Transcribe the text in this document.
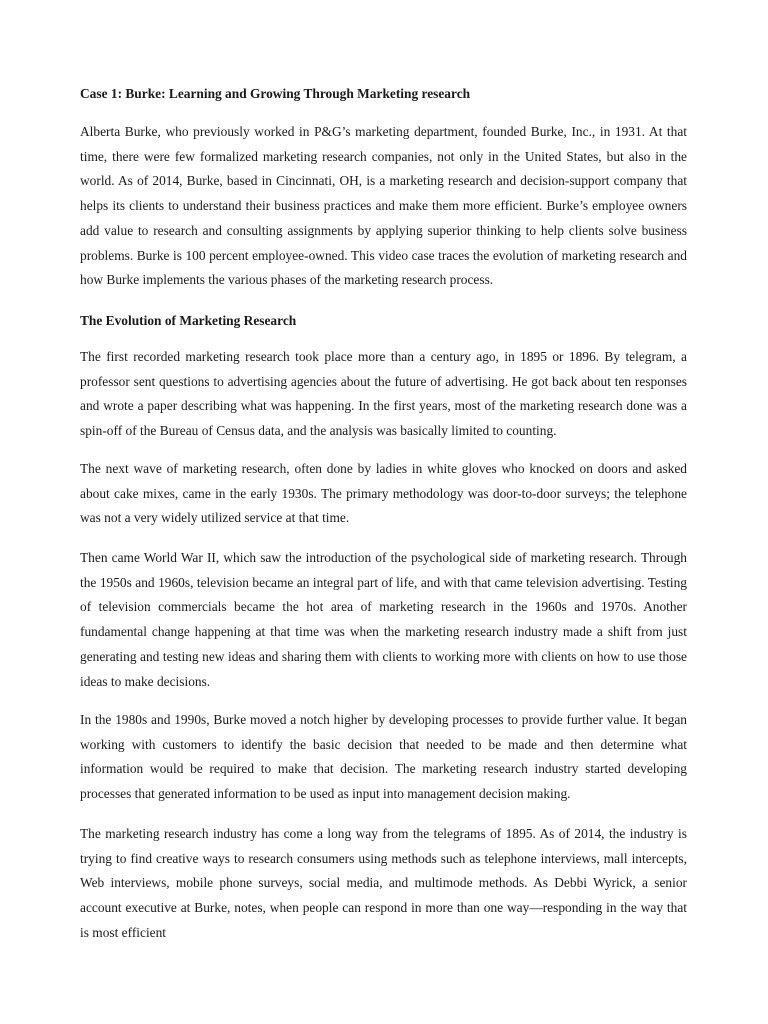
Case 1: Burke: Learning and Growing Through Marketing research

Alberta Burke, who previously worked in P&G’s marketing department, founded Burke, Inc., in 1931. At that time, there were few formalized marketing research companies, not only in the United States, but also in the world. As of 2014, Burke, based in Cincinnati, OH, is a marketing research and decision-support company that helps its clients to understand their business practices and make them more efficient. Burke’s employee owners add value to research and consulting assignments by applying superior thinking to help clients solve business problems. Burke is 100 percent employee-owned. This video case traces the evolution of marketing research and how Burke implements the various phases of the marketing research process.

The Evolution of Marketing Research

The first recorded marketing research took place more than a century ago, in 1895 or 1896. By telegram, a professor sent questions to advertising agencies about the future of advertising. He got back about ten responses and wrote a paper describing what was happening. In the first years, most of the marketing research done was a spin-off of the Bureau of Census data, and the analysis was basically limited to counting.

The next wave of marketing research, often done by ladies in white gloves who knocked on doors and asked about cake mixes, came in the early 1930s. The primary methodology was door-to-door surveys; the telephone was not a very widely utilized service at that time.

Then came World War II, which saw the introduction of the psychological side of marketing research. Through the 1950s and 1960s, television became an integral part of life, and with that came television advertising. Testing of television commercials became the hot area of marketing research in the 1960s and 1970s. Another fundamental change happening at that time was when the marketing research industry made a shift from just generating and testing new ideas and sharing them with clients to working more with clients on how to use those ideas to make decisions.

In the 1980s and 1990s, Burke moved a notch higher by developing processes to provide further value. It began working with customers to identify the basic decision that needed to be made and then determine what information would be required to make that decision. The marketing research industry started developing processes that generated information to be used as input into management decision making.

The marketing research industry has come a long way from the telegrams of 1895. As of 2014, the industry is trying to find creative ways to research consumers using methods such as telephone interviews, mall intercepts, Web interviews, mobile phone surveys, social media, and multimode methods. As Debbi Wyrick, a senior account executive at Burke, notes, when people can respond in more than one way—responding in the way that is most efficient
